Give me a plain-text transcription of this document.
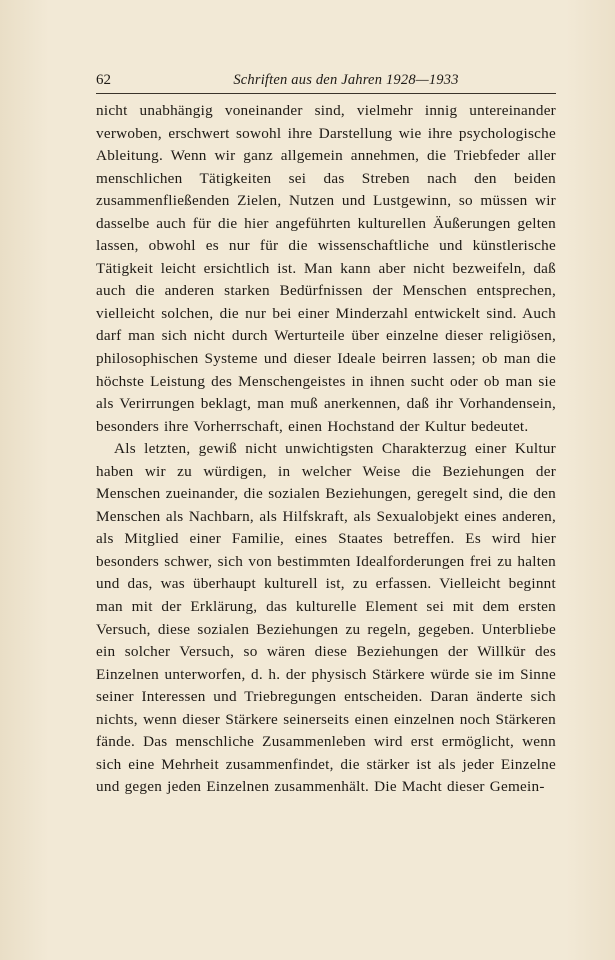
62	Schriften aus den Jahren 1928—1933

nicht unabhängig voneinander sind, vielmehr innig untereinander verwoben, erschwert sowohl ihre Darstellung wie ihre psychologische Ableitung. Wenn wir ganz allgemein annehmen, die Triebfeder aller menschlichen Tätigkeiten sei das Streben nach den beiden zusammenfließenden Zielen, Nutzen und Lustgewinn, so müssen wir dasselbe auch für die hier angeführten kulturellen Äußerungen gelten lassen, obwohl es nur für die wissenschaftliche und künstlerische Tätigkeit leicht ersichtlich ist. Man kann aber nicht bezweifeln, daß auch die anderen starken Bedürfnissen der Menschen entsprechen, vielleicht solchen, die nur bei einer Minderzahl entwickelt sind. Auch darf man sich nicht durch Werturteile über einzelne dieser religiösen, philosophischen Systeme und dieser Ideale beirren lassen; ob man die höchste Leistung des Menschengeistes in ihnen sucht oder ob man sie als Verirrungen beklagt, man muß anerkennen, daß ihr Vorhandensein, besonders ihre Vorherrschaft, einen Hochstand der Kultur bedeutet.

Als letzten, gewiß nicht unwichtigsten Charakterzug einer Kultur haben wir zu würdigen, in welcher Weise die Beziehungen der Menschen zueinander, die sozialen Beziehungen, geregelt sind, die den Menschen als Nachbarn, als Hilfskraft, als Sexualobjekt eines anderen, als Mitglied einer Familie, eines Staates betreffen. Es wird hier besonders schwer, sich von bestimmten Idealforderungen frei zu halten und das, was überhaupt kulturell ist, zu erfassen. Vielleicht beginnt man mit der Erklärung, das kulturelle Element sei mit dem ersten Versuch, diese sozialen Beziehungen zu regeln, gegeben. Unterbliebe ein solcher Versuch, so wären diese Beziehungen der Willkür des Einzelnen unterworfen, d. h. der physisch Stärkere würde sie im Sinne seiner Interessen und Triebregungen entscheiden. Daran änderte sich nichts, wenn dieser Stärkere seinerseits einen einzelnen noch Stärkeren fände. Das menschliche Zusammenleben wird erst ermöglicht, wenn sich eine Mehrheit zusammenfindet, die stärker ist als jeder Einzelne und gegen jeden Einzelnen zusammenhält. Die Macht dieser Gemein-
